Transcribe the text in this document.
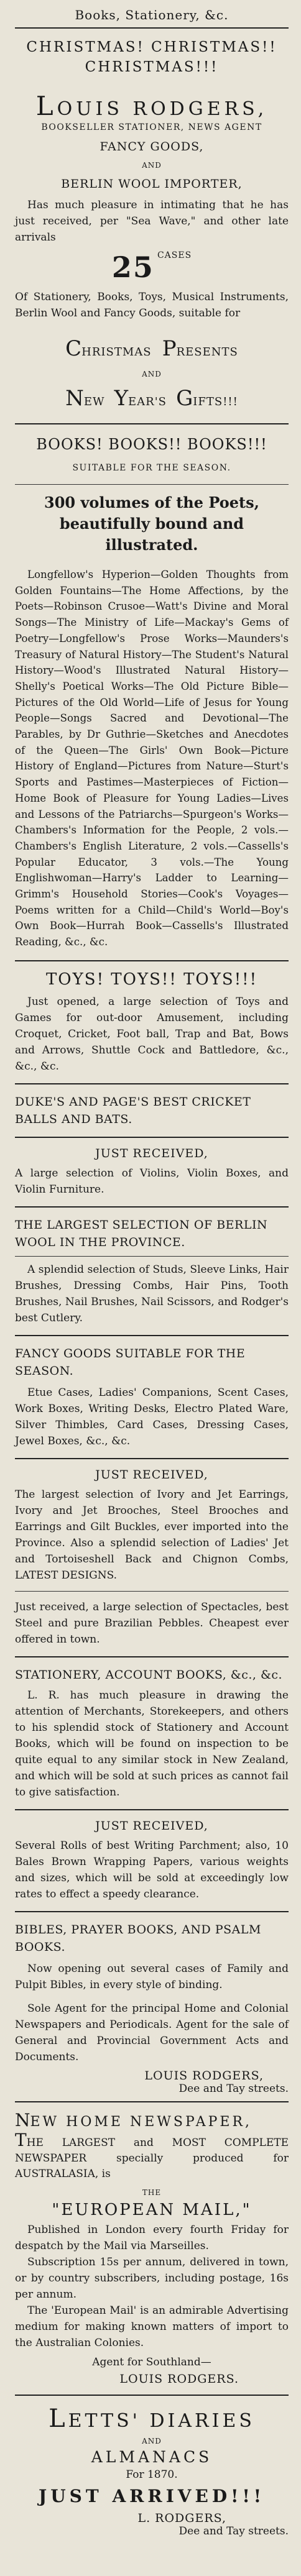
Books, Stationery, &c.

CHRISTMAS! CHRISTMAS!!

CHRISTMAS!!!

LOUIS RODGERS,

BOOKSELLER STATIONER, NEWS AGENT

FANCY GOODS,

AND

BERLIN WOOL IMPORTER,

Has much pleasure in intimating that he has just received, per "Sea Wave," and other late arrivals

25 CASES

Of Stationery, Books, Toys, Musical Instruments, Berlin Wool and Fancy Goods, suitable for

CHRISTMAS PRESENTS

AND

NEW YEAR'S GIFTS!!!

BOOKS! BOOKS!! BOOKS!!!

SUITABLE FOR THE SEASON.

300 volumes of the Poets, beautifully bound and illustrated.

Longfellow's Hyperion—Golden Thoughts from Golden Fountains—The Home Affections, by the Poets—Robinson Crusoe—Watt's Divine and Moral Songs—The Ministry of Life—Mackay's Gems of Poetry—Longfellow's Prose Works—Maunders's Treasury of Natural History—The Student's Natural History—Wood's Illustrated Natural History—Shelly's Poetical Works—The Old Picture Bible—Pictures of the Old World—Life of Jesus for Young People—Songs Sacred and Devotional—The Parables, by Dr Guthrie—Sketches and Anecdotes of the Queen—The Girls' Own Book—Picture History of England—Pictures from Nature—Sturt's Sports and Pastimes—Masterpieces of Fiction—Home Book of Pleasure for Young Ladies—Lives and Lessons of the Patriarchs—Spurgeon's Works—Chambers's Information for the People, 2 vols.—Chambers's English Literature, 2 vols.—Cassells's Popular Educator, 3 vols.—The Young Englishwoman—Harry's Ladder to Learning—Grimm's Household Stories—Cook's Voyages—Poems written for a Child—Child's World—Boy's Own Book—Hurrah Book—Cassells's Illustrated Reading, &c., &c.

TOYS! TOYS!! TOYS!!!

Just opened, a large selection of Toys and Games for out-door Amusement, including Croquet, Cricket, Foot ball, Trap and Bat, Bows and Arrows, Shuttle Cock and Battledore, &c., &c., &c.

DUKE'S AND PAGE'S BEST CRICKET BALLS AND BATS.

JUST RECEIVED,

A large selection of Violins, Violin Boxes, and Violin Furniture.

THE LARGEST SELECTION OF BERLIN WOOL IN THE PROVINCE.

A splendid selection of Studs, Sleeve Links, Hair Brushes, Dressing Combs, Hair Pins, Tooth Brushes, Nail Brushes, Nail Scissors, and Rodger's best Cutlery.

FANCY GOODS SUITABLE FOR THE SEASON.

Etue Cases, Ladies' Companions, Scent Cases, Work Boxes, Writing Desks, Electro Plated Ware, Silver Thimbles, Card Cases, Dressing Cases, Jewel Boxes, &c., &c.

JUST RECEIVED,

The largest selection of Ivory and Jet Earrings, Ivory and Jet Brooches, Steel Brooches and Earrings and Gilt Buckles, ever imported into the Province. Also a splendid selection of Ladies' Jet and Tortoiseshell Back and Chignon Combs, LATEST DESIGNS.

Just received, a large selection of Spectacles, best Steel and pure Brazilian Pebbles. Cheapest ever offered in town.

STATIONERY, ACCOUNT BOOKS, &c., &c.

L. R. has much pleasure in drawing the attention of Merchants, Storekeepers, and others to his splendid stock of Stationery and Account Books, which will be found on inspection to be quite equal to any similar stock in New Zealand, and which will be sold at such prices as cannot fail to give satisfaction.

JUST RECEIVED,

Several Rolls of best Writing Parchment; also, 10 Bales Brown Wrapping Papers, various weights and sizes, which will be sold at exceedingly low rates to effect a speedy clearance.

BIBLES, PRAYER BOOKS, AND PSALM BOOKS.

Now opening out several cases of Family and Pulpit Bibles, in every style of binding.

Sole Agent for the principal Home and Colonial Newspapers and Periodicals. Agent for the sale of General and Provincial Government Acts and Documents.

LOUIS RODGERS,

Dee and Tay streets.

NEW HOME NEWSPAPER,

THE LARGEST and MOST COMPLETE NEWSPAPER specially produced for AUSTRALASIA, is

THE

"EUROPEAN MAIL,"

Published in London every fourth Friday for despatch by the Mail via Marseilles.

Subscription 15s per annum, delivered in town, or by country subscribers, including postage, 16s per annum.

The 'European Mail' is an admirable Advertising medium for making known matters of import to the Australian Colonies.

Agent for Southland—

LOUIS RODGERS.

LETTS' DIARIES

AND

ALMANACS

For 1870.

JUST ARRIVED!!!

L. RODGERS,

Dee and Tay streets.
